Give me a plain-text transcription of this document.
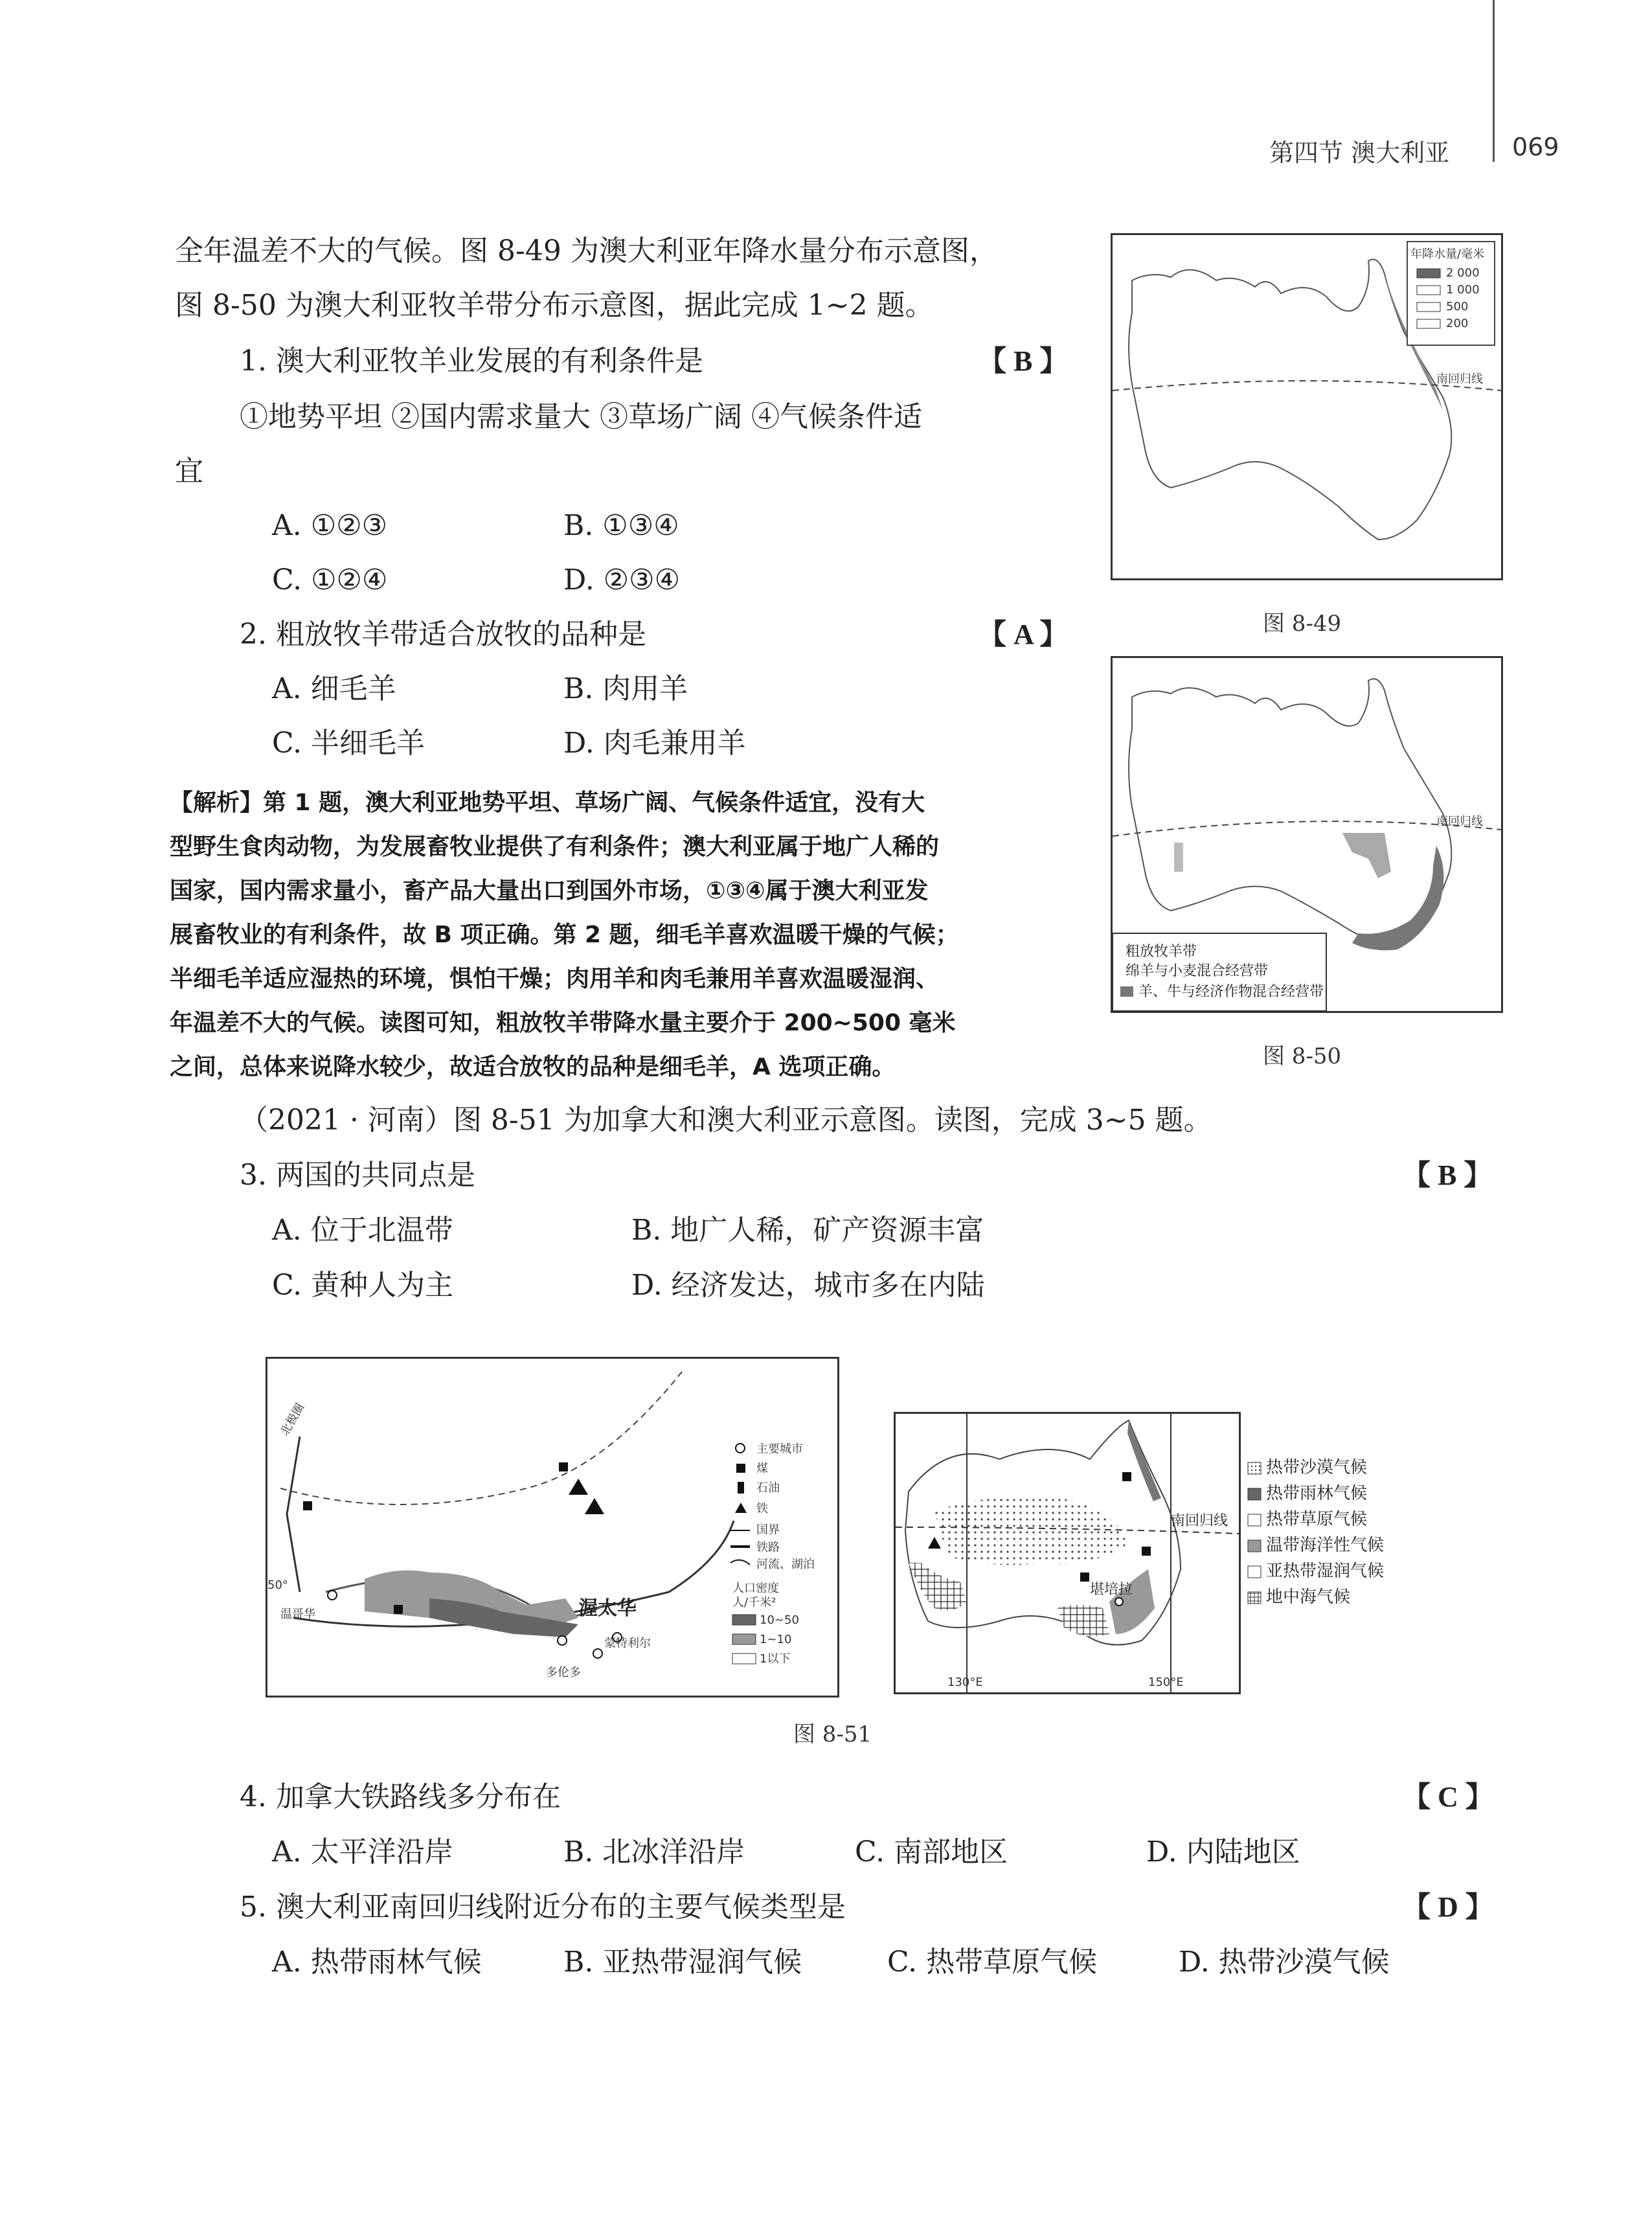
第四节 澳大利亚	069
全年温差不大的气候。图 8-49 为澳大利亚年降水量分布示意图，
图 8-50 为澳大利亚牧羊带分布示意图，据此完成 1~2 题。
1. 澳大利亚牧羊业发展的有利条件是	【 B 】
①地势平坦 ②国内需求量大 ③草场广阔 ④气候条件适
宜
A. ①②③	B. ①③④
C. ①②④	D. ②③④
2. 粗放牧羊带适合放牧的品种是	【 A 】
A. 细毛羊	B. 肉用羊
C. 半细毛羊	D. 肉毛兼用羊
【解析】第 1 题，澳大利亚地势平坦、草场广阔、气候条件适宜，没有大
型野生食肉动物，为发展畜牧业提供了有利条件；澳大利亚属于地广人稀的
国家，国内需求量小，畜产品大量出口到国外市场，①③④属于澳大利亚发
展畜牧业的有利条件，故 B 项正确。第 2 题，细毛羊喜欢温暖干燥的气候；
半细毛羊适应湿热的环境，惧怕干燥；肉用羊和肉毛兼用羊喜欢温暖湿润、
年温差不大的气候。读图可知，粗放牧羊带降水量主要介于 200~500 毫米
之间，总体来说降水较少，故适合放牧的品种是细毛羊，A 选项正确。
年降水量/毫米
2 000
1 000
500
200
南回归线
图 8-49
粗放牧羊带
绵羊与小麦混合经营带
羊、牛与经济作物混合经营带
南回归线
图 8-50
（2021 · 河南）图 8-51 为加拿大和澳大利亚示意图。读图，完成 3~5 题。
3. 两国的共同点是	【 B 】
A. 位于北温带	B. 地广人稀，矿产资源丰富
C. 黄种人为主	D. 经济发达，城市多在内陆
北极圈
50°
温哥华	渥太华
蒙特利尔
多伦多
主要城市
煤
石油
铁
国界
铁路
河流、湖泊
人口密度
人/千米²
10~50
1~10
1以下
南回归线
堪培拉
130°E	150°E
热带沙漠气候
热带雨林气候
热带草原气候
温带海洋性气候
亚热带湿润气候
地中海气候
图 8-51
4. 加拿大铁路线多分布在	【 C 】
A. 太平洋沿岸	B. 北冰洋沿岸	C. 南部地区	D. 内陆地区
5. 澳大利亚南回归线附近分布的主要气候类型是	【 D 】
A. 热带雨林气候	B. 亚热带湿润气候	C. 热带草原气候	D. 热带沙漠气候
